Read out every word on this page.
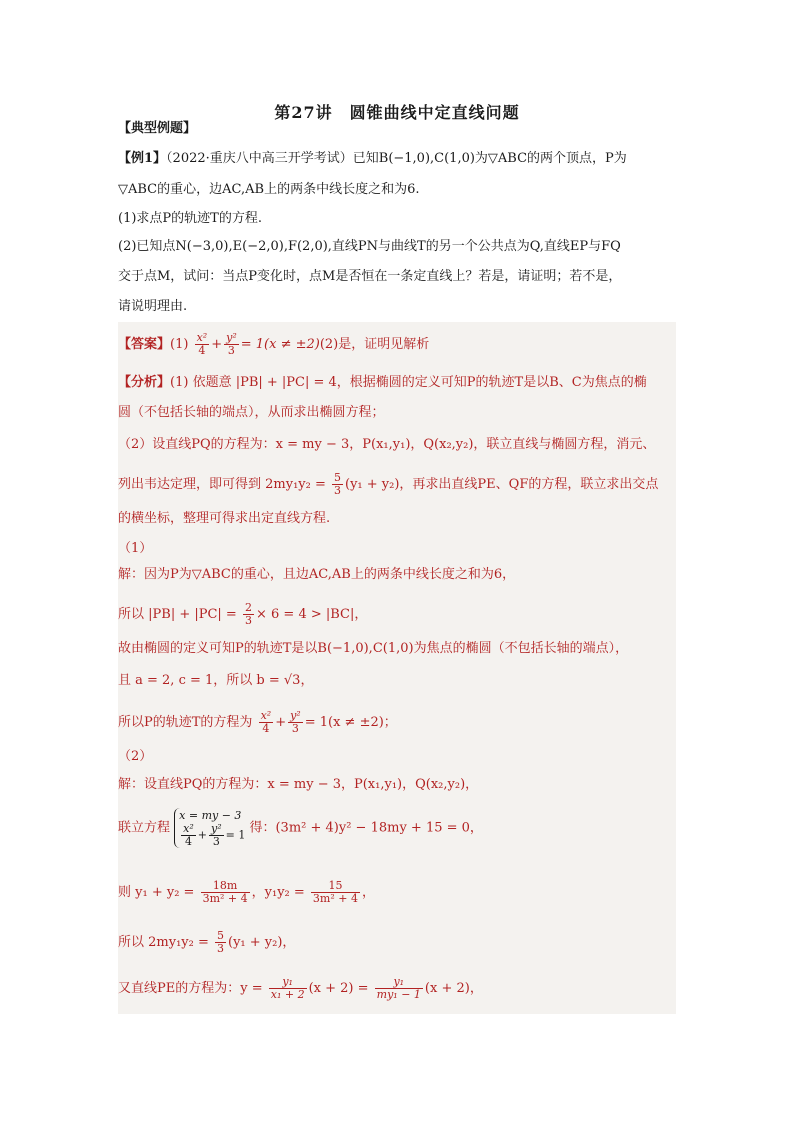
第27讲　圆锥曲线中定直线问题
【典型例题】
【例1】（2022·重庆八中高三开学考试）已知B(−1,0),C(1,0)为▽ABC的两个顶点，P为
▽ABC的重心，边AC,AB上的两条中线长度之和为6.
(1)求点P的轨迹T的方程.
(2)已知点N(−3,0),E(−2,0),F(2,0),直线PN与曲线T的另一个公共点为Q,直线EP与FQ
交于点M，试问：当点P变化时，点M是否恒在一条定直线上？若是，请证明；若不是，
请说明理由.
【答案】$(1) \frac{\text{x²}}{4} + \frac{\text{y²}}{3} = 1(x \ne \pm 2)(2)$是，证明见解析
【分析】(1) 依题意 |PB| + |PC| = 4，根据椭圆的定义可知P的轨迹T是以B、C为焦点的椭
圆（不包括长轴的端点），从而求出椭圆方程；
（2）设直线PQ的方程为：x = my − 3，P(x₁,y₁)，Q(x₂,y₂)，联立直线与椭圆方程，消元、
列出韦达定理，即可得到 $2my_1y_2 = \frac{5}{3} (y_1 + y_2)$，再求出直线PE、QF的方程，联立求出交点
的横坐标，整理可得求出定直线方程.
（1）
解：因为P为▽ABC的重心，且边AC,AB上的两条中线长度之和为6，
所以 $|PB| + |PC| = \frac{2}{3} \times 6 = 4 > |BC|$，
故由椭圆的定义可知P的轨迹T是以B(−1,0),C(1,0)为焦点的椭圆（不包括长轴的端点），
且 a = 2, c = 1，所以 b = √3，
所以P的轨迹T的方程为 $\frac{\text{x²}}{4} + \frac{\text{y²}}{3} = 1(x \ne \pm 2)$；
（2）
解：设直线PQ的方程为：x = my − 3，P(x₁,y₁)，Q(x₂,y₂)，
联立方程
x = my − 3
$\frac{\text{x²}}{4} + \frac{\text{y²}}{3} = 1$ 得：(3m² + 4)y² − 18my + 15 = 0，
则 $y_1 + y_2 = \frac{18m}{\text{3m² + 4}}$ ，$y_1y_2 = \frac{15}{\text{3m² + 4}}$ ，
所以 $2my_1y_2 = \frac{5}{3} (y_1 + y_2)$，
又直线PE的方程为：$y = \frac{\text{y₁}}{\text{x₁ + 2}} (x + 2) = \frac{\text{y₁}}{\text{my₁ − 1}} (x + 2)$，
